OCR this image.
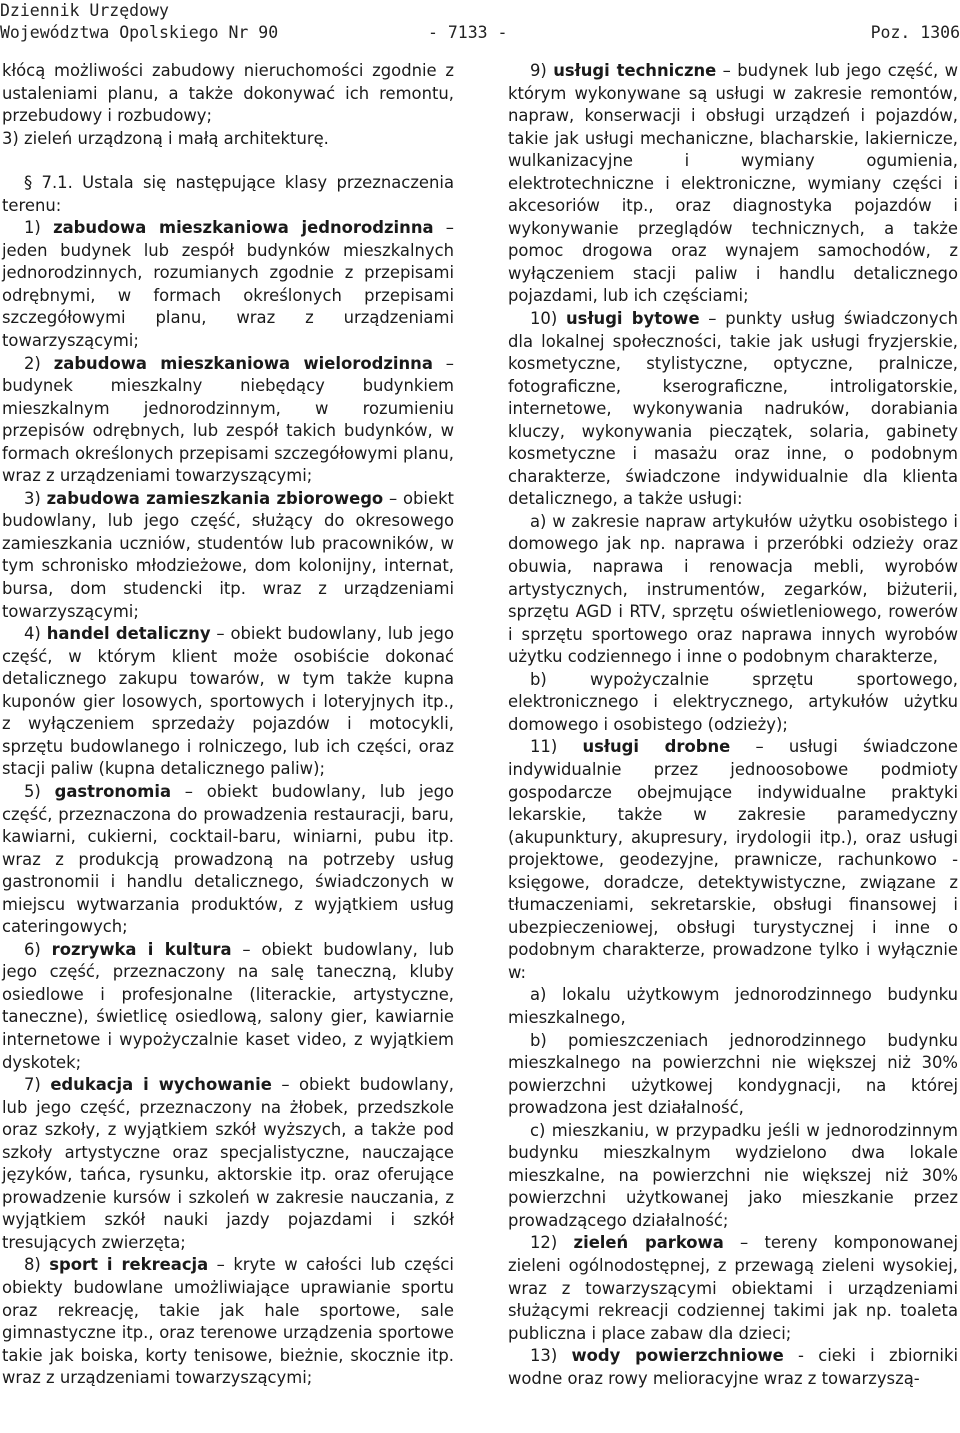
Dziennik Urzędowy
Województwa Opolskiego Nr 90	- 7133 -	Poz. 1306

kłócą możliwości zabudowy nieruchomości zgodnie z ustaleniami planu, a także dokonywać ich remontu, przebudowy i rozbudowy;

3) zieleń urządzoną i małą architekturę.

§ 7.1. Ustala się następujące klasy przeznaczenia terenu:

1) zabudowa mieszkaniowa jednorodzinna – jeden budynek lub zespół budynków mieszkalnych jednorodzinnych, rozumianych zgodnie z przepisami odrębnymi, w formach określonych przepisami szczegółowymi planu, wraz z urządzeniami towarzyszącymi;

2) zabudowa mieszkaniowa wielorodzinna – budynek mieszkalny niebędący budynkiem mieszkalnym jednorodzinnym, w rozumieniu przepisów odrębnych, lub zespół takich budynków, w formach określonych przepisami szczegółowymi planu, wraz z urządzeniami towarzyszącymi;

3) zabudowa zamieszkania zbiorowego – obiekt budowlany, lub jego część, służący do okresowego zamieszkania uczniów, studentów lub pracowników, w tym schronisko młodzieżowe, dom kolonijny, internat, bursa, dom studencki itp. wraz z urządzeniami towarzyszącymi;

4) handel detaliczny – obiekt budowlany, lub jego część, w którym klient może osobiście dokonać detalicznego zakupu towarów, w tym także kupna kuponów gier losowych, sportowych i loteryjnych itp., z wyłączeniem sprzedaży pojazdów i motocykli, sprzętu budowlanego i rolniczego, lub ich części, oraz stacji paliw (kupna detalicznego paliw);

5) gastronomia – obiekt budowlany, lub jego część, przeznaczona do prowadzenia restauracji, baru, kawiarni, cukierni, cocktail-baru, winiarni, pubu itp. wraz z produkcją prowadzoną na potrzeby usług gastronomii i handlu detalicznego, świadczonych w miejscu wytwarzania produktów, z wyjątkiem usług cateringowych;

6) rozrywka i kultura – obiekt budowlany, lub jego część, przeznaczony na salę taneczną, kluby osiedlowe i profesjonalne (literackie, artystyczne, taneczne), świetlicę osiedlową, salony gier, kawiarnie internetowe i wypożyczalnie kaset video, z wyjątkiem dyskotek;

7) edukacja i wychowanie – obiekt budowlany, lub jego część, przeznaczony na żłobek, przedszkole oraz szkoły, z wyjątkiem szkół wyższych, a także pod szkoły artystyczne oraz specjalistyczne, nauczające języków, tańca, rysunku, aktorskie itp. oraz oferujące prowadzenie kursów i szkoleń w zakresie nauczania, z wyjątkiem szkół nauki jazdy pojazdami i szkół tresujących zwierzęta;

8) sport i rekreacja – kryte w całości lub części obiekty budowlane umożliwiające uprawianie sportu oraz rekreację, takie jak hale sportowe, sale gimnastyczne itp., oraz terenowe urządzenia sportowe takie jak boiska, korty tenisowe, bieżnie, skocznie itp. wraz z urządzeniami towarzyszącymi;

9) usługi techniczne – budynek lub jego część, w którym wykonywane są usługi w zakresie remontów, napraw, konserwacji i obsługi urządzeń i pojazdów, takie jak usługi mechaniczne, blacharskie, lakiernicze, wulkanizacyjne i wymiany ogumienia, elektrotechniczne i elektroniczne, wymiany części i akcesoriów itp., oraz diagnostyka pojazdów i wykonywanie przeglądów technicznych, a także pomoc drogowa oraz wynajem samochodów, z wyłączeniem stacji paliw i handlu detalicznego pojazdami, lub ich częściami;

10) usługi bytowe – punkty usług świadczonych dla lokalnej społeczności, takie jak usługi fryzjerskie, kosmetyczne, stylistyczne, optyczne, pralnicze, fotograficzne, kserograficzne, introligatorskie, internetowe, wykonywania nadruków, dorabiania kluczy, wykonywania pieczątek, solaria, gabinety kosmetyczne i masażu oraz inne, o podobnym charakterze, świadczone indywidualnie dla klienta detalicznego, a także usługi:

a) w zakresie napraw artykułów użytku osobistego i domowego jak np. naprawa i przeróbki odzieży oraz obuwia, naprawa i renowacja mebli, wyrobów artystycznych, instrumentów, zegarków, biżuterii, sprzętu AGD i RTV, sprzętu oświetleniowego, rowerów i sprzętu sportowego oraz naprawa innych wyrobów użytku codziennego i inne o podobnym charakterze,

b) wypożyczalnie sprzętu sportowego, elektronicznego i elektrycznego, artykułów użytku domowego i osobistego (odzieży);

11) usługi drobne – usługi świadczone indywidualnie przez jednoosobowe podmioty gospodarcze obejmujące indywidualne praktyki lekarskie, także w zakresie paramedyczny (akupunktury, akupresury, irydologii itp.), oraz usługi projektowe, geodezyjne, prawnicze, rachunkowo - księgowe, doradcze, detektywistyczne, związane z tłumaczeniami, sekretarskie, obsługi finansowej i ubezpieczeniowej, obsługi turystycznej i inne o podobnym charakterze, prowadzone tylko i wyłącznie w:

a) lokalu użytkowym jednorodzinnego budynku mieszkalnego,

b) pomieszczeniach jednorodzinnego budynku mieszkalnego na powierzchni nie większej niż 30% powierzchni użytkowej kondygnacji, na której prowadzona jest działalność,

c) mieszkaniu, w przypadku jeśli w jednorodzinnym budynku mieszkalnym wydzielono dwa lokale mieszkalne, na powierzchni nie większej niż 30% powierzchni użytkowanej jako mieszkanie przez prowadzącego działalność;

12) zieleń parkowa – tereny komponowanej zieleni ogólnodostępnej, z przewagą zieleni wysokiej, wraz z towarzyszącymi obiektami i urządzeniami służącymi rekreacji codziennej takimi jak np. toaleta publiczna i place zabaw dla dzieci;

13) wody powierzchniowe - cieki i zbiorniki wodne oraz rowy melioracyjne wraz z towarzyszą-
